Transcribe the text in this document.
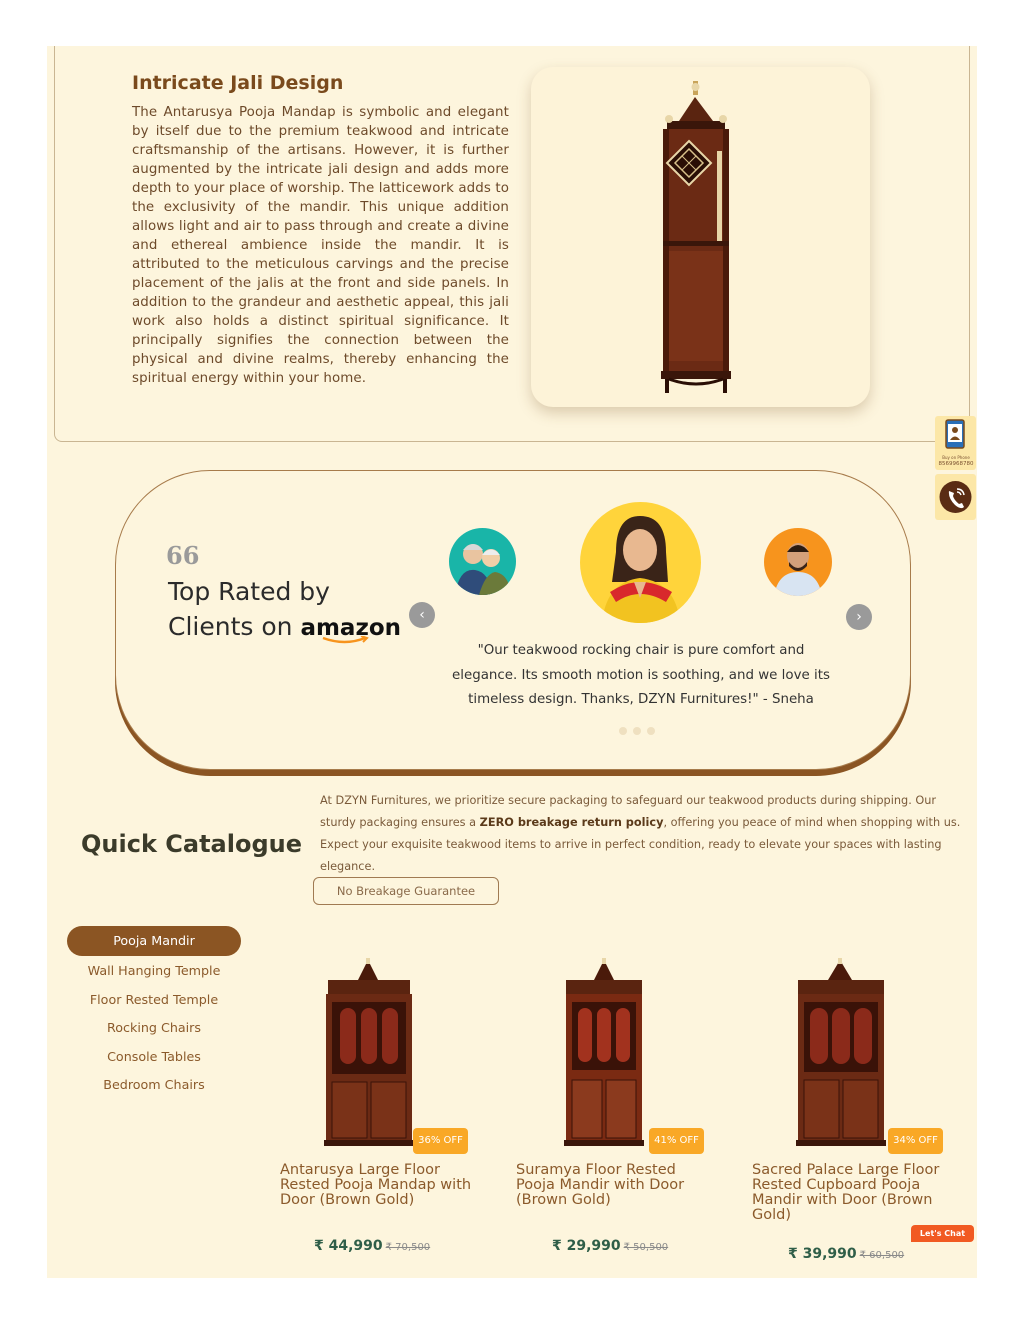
Intricate Jali Design

The Antarusya Pooja Mandap is symbolic and elegant by itself due to the premium teakwood and intricate craftsmanship of the artisans. However, it is further augmented by the intricate jali design and adds more depth to your place of worship. The latticework adds to the exclusivity of the mandir. This unique addition allows light and air to pass through and create a divine and ethereal ambience inside the mandir. It is attributed to the meticulous carvings and the precise placement of the jalis at the front and side panels. In addition to the grandeur and aesthetic appeal, this jali work also holds a distinct spiritual significance. It principally signifies the connection between the physical and divine realms, thereby enhancing the spiritual energy within your home.

66
Top Rated by
Clients on amazon	‹	›

"Our teakwood rocking chair is pure comfort and elegance. Its smooth motion is soothing, and we love its timeless design. Thanks, DZYN Furnitures!" - Sneha

Quick Catalogue

At DZYN Furnitures, we prioritize secure packaging to safeguard our teakwood products during shipping. Our sturdy packaging ensures a ZERO breakage return policy, offering you peace of mind when shopping with us. Expect your exquisite teakwood items to arrive in perfect condition, ready to elevate your spaces with lasting elegance.

No Breakage Guarantee
Pooja Mandir
Wall Hanging Temple
Floor Rested Temple
Rocking Chairs
Console Tables
Bedroom Chairs
36% OFF
Antarusya Large Floor Rested Pooja Mandap with Door (Brown Gold)
₹ 44,990 ₹ 70,500
41% OFF
Suramya Floor Rested Pooja Mandir with Door (Brown Gold)
₹ 29,990 ₹ 50,500
34% OFF
Sacred Palace Large Floor Rested Cupboard Pooja Mandir with Door (Brown Gold)
₹ 39,990 ₹ 60,500
Let's Chat
Buy on Phone
8569968780
